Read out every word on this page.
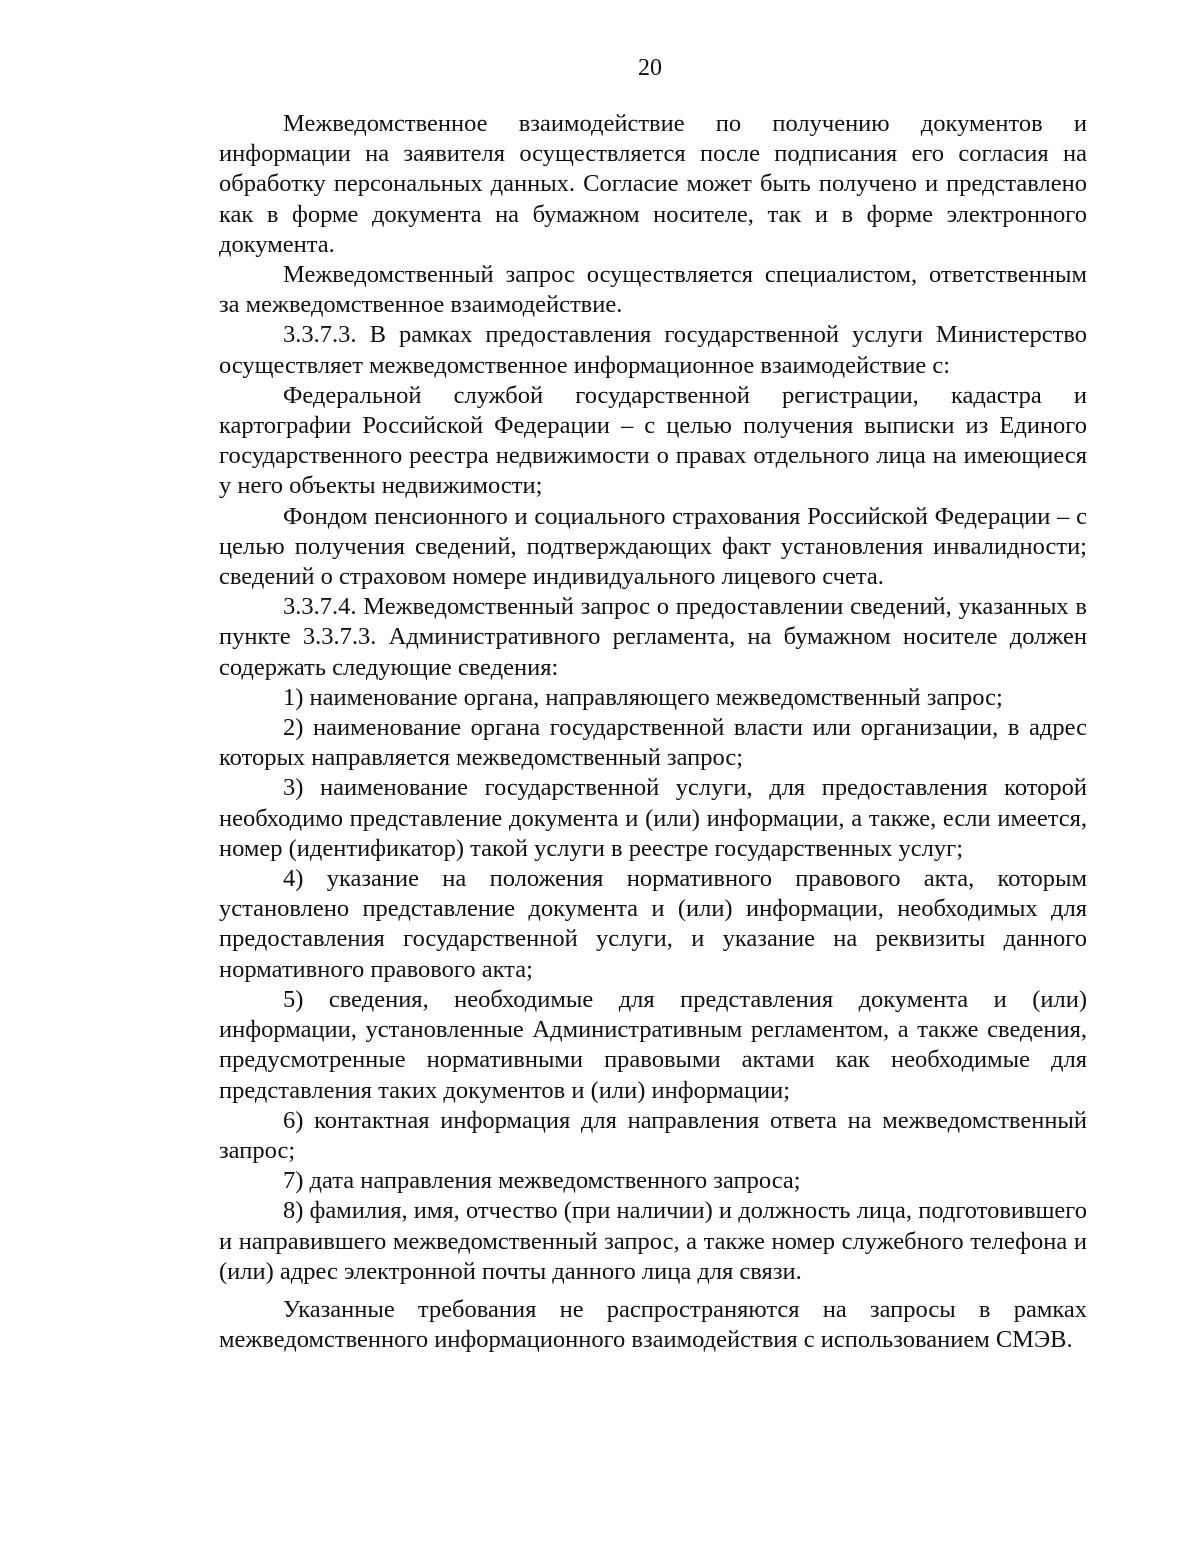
20

Межведомственное взаимодействие по получению документов и информации на заявителя осуществляется после подписания его согласия на обработку персональных данных. Согласие может быть получено и представлено как в форме документа на бумажном носителе, так и в форме электронного документа.

Межведомственный запрос осуществляется специалистом, ответственным за межведомственное взаимодействие.

3.3.7.3. В рамках предоставления государственной услуги Министерство осуществляет межведомственное информационное взаимодействие с:

Федеральной службой государственной регистрации, кадастра и картографии Российской Федерации – с целью получения выписки из Единого государственного реестра недвижимости о правах отдельного лица на имеющиеся у него объекты недвижимости;

Фондом пенсионного и социального страхования Российской Федерации – с целью получения сведений, подтверждающих факт установления инвалидности; сведений о страховом номере индивидуального лицевого счета.

3.3.7.4. Межведомственный запрос о предоставлении сведений, указанных в пункте 3.3.7.3. Административного регламента, на бумажном носителе должен содержать следующие сведения:

1) наименование органа, направляющего межведомственный запрос;

2) наименование органа государственной власти или организации, в адрес которых направляется межведомственный запрос;

3) наименование государственной услуги, для предоставления которой необходимо представление документа и (или) информации, а также, если имеется, номер (идентификатор) такой услуги в реестре государственных услуг;

4) указание на положения нормативного правового акта, которым установлено представление документа и (или) информации, необходимых для предоставления государственной услуги, и указание на реквизиты данного нормативного правового акта;

5) сведения, необходимые для представления документа и (или) информации, установленные Административным регламентом, а также сведения, предусмотренные нормативными правовыми актами как необходимые для представления таких документов и (или) информации;

6) контактная информация для направления ответа на межведомственный запрос;

7) дата направления межведомственного запроса;

8) фамилия, имя, отчество (при наличии) и должность лица, подготовившего и направившего межведомственный запрос, а также номер служебного телефона и (или) адрес электронной почты данного лица для связи.

Указанные требования не распространяются на запросы в рамках межведомственного информационного взаимодействия с использованием СМЭВ.
